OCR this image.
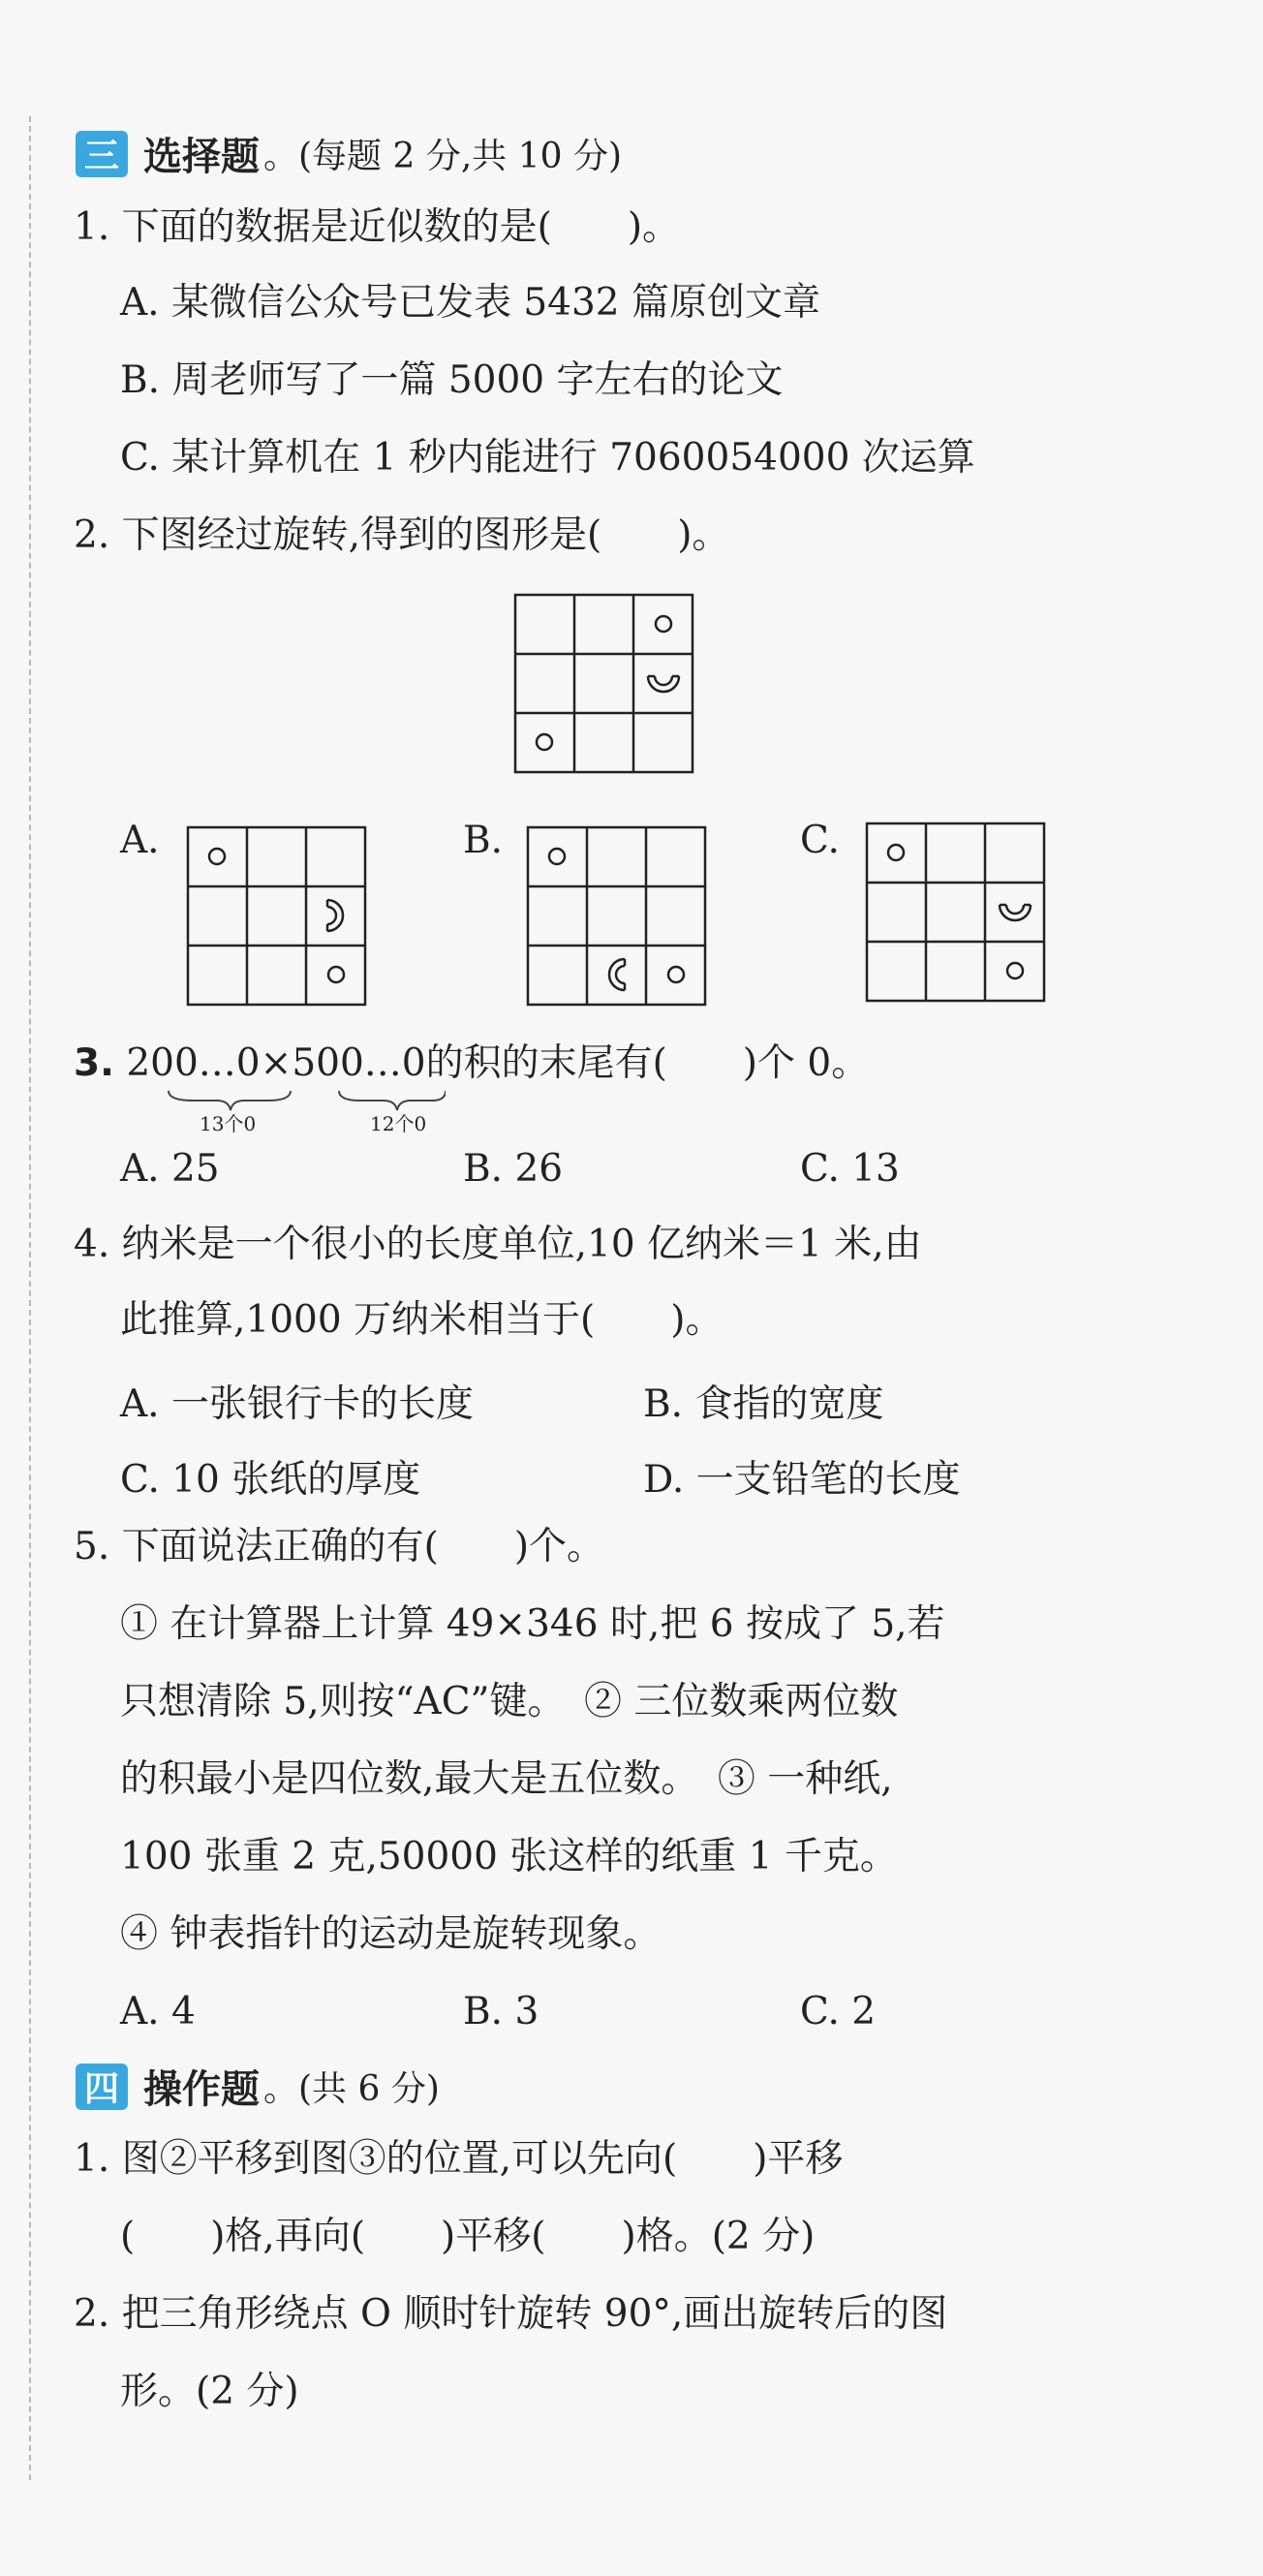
三 选择题 。(每题 2 分,共 10 分)
1. 下面的数据是近似数的是(　　)。
A. 某微信公众号已发表 5432 篇原创文章
B. 周老师写了一篇 5000 字左右的论文
C. 某计算机在 1 秒内能进行 7060054000 次运算
2. 下图经过旋转,得到的图形是(　　)。
A.	B.	C.
3. 200…0×500…0的积的末尾有(　　)个 0。
13个0	12个0
A. 25	B. 26	C. 13
4. 纳米是一个很小的长度单位,10 亿纳米＝1 米,由
此推算,1000 万纳米相当于(　　)。
A. 一张银行卡的长度	B. 食指的宽度
C. 10 张纸的厚度	D. 一支铅笔的长度
5. 下面说法正确的有(　　)个。
① 在计算器上计算 49×346 时,把 6 按成了 5,若
只想清除 5,则按“AC”键。　② 三位数乘两位数
的积最小是四位数,最大是五位数。　③ 一种纸,
100 张重 2 克,50000 张这样的纸重 1 千克。
④ 钟表指针的运动是旋转现象。
A. 4	B. 3	C. 2
四 操作题 。(共 6 分)
1. 图②平移到图③的位置,可以先向(　　)平移
(　　)格,再向(　　)平移(　　)格。(2 分)
2. 把三角形绕点 O 顺时针旋转 90°,画出旋转后的图
形。(2 分)
